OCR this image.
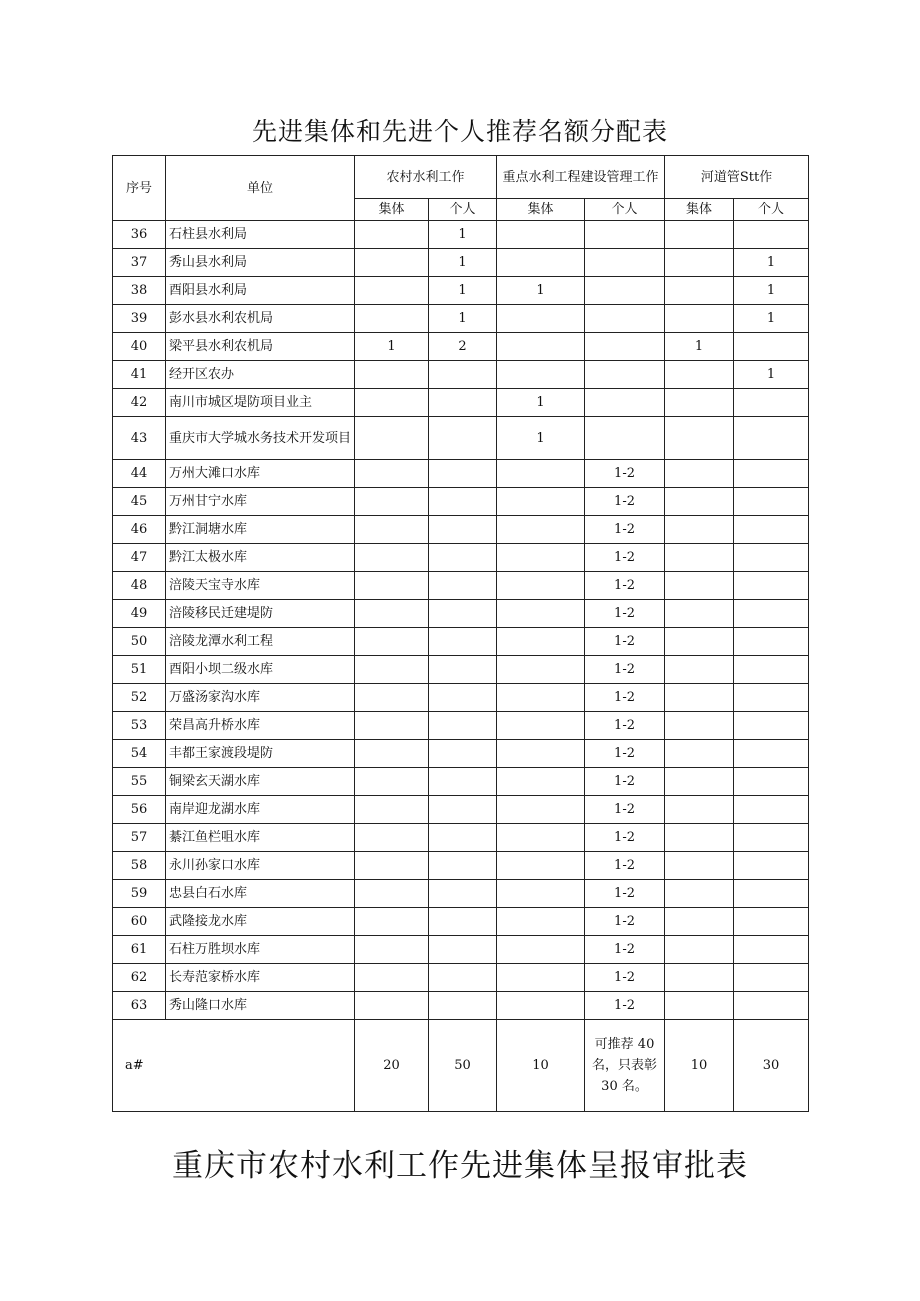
先进集体和先进个人推荐名额分配表
序号	单位	农村水利工作		重点水利工程建设管理工作		河道管Stt作	
		集体	个人	集体	个人	集体	个人
36	石柱县水利局		1				
37	秀山县水利局		1				1
38	酉阳县水利局		1	1			1
39	彭水县水利农机局		1				1
40	梁平县水利农机局	1	2			1	
41	经开区农办						1
42	南川市城区堤防项目业主			1			
43	重庆市大学城水务技术开发项目			1			
44	万州大滩口水库				1-2		
45	万州甘宁水库				1-2		
46	黔江洞塘水库				1-2		
47	黔江太极水库				1-2		
48	涪陵天宝寺水库				1-2		
49	涪陵移民迁建堤防				1-2		
50	涪陵龙潭水利工程				1-2		
51	酉阳小坝二级水库				1-2		
52	万盛汤家沟水库				1-2		
53	荣昌高升桥水库				1-2		
54	丰都王家渡段堤防				1-2		
55	铜梁玄天湖水库				1-2		
56	南岸迎龙湖水库				1-2		
57	綦江鱼栏咀水库				1-2		
58	永川孙家口水库				1-2		
59	忠县白石水库				1-2		
60	武隆接龙水库				1-2		
61	石柱万胜坝水库				1-2		
62	长寿范家桥水库				1-2		
63	秀山隆口水库				1-2		
a#		20	50	10	可推荐 40
名，只表彰
30 名。	10	30
重庆市农村水利工作先进集体呈报审批表
